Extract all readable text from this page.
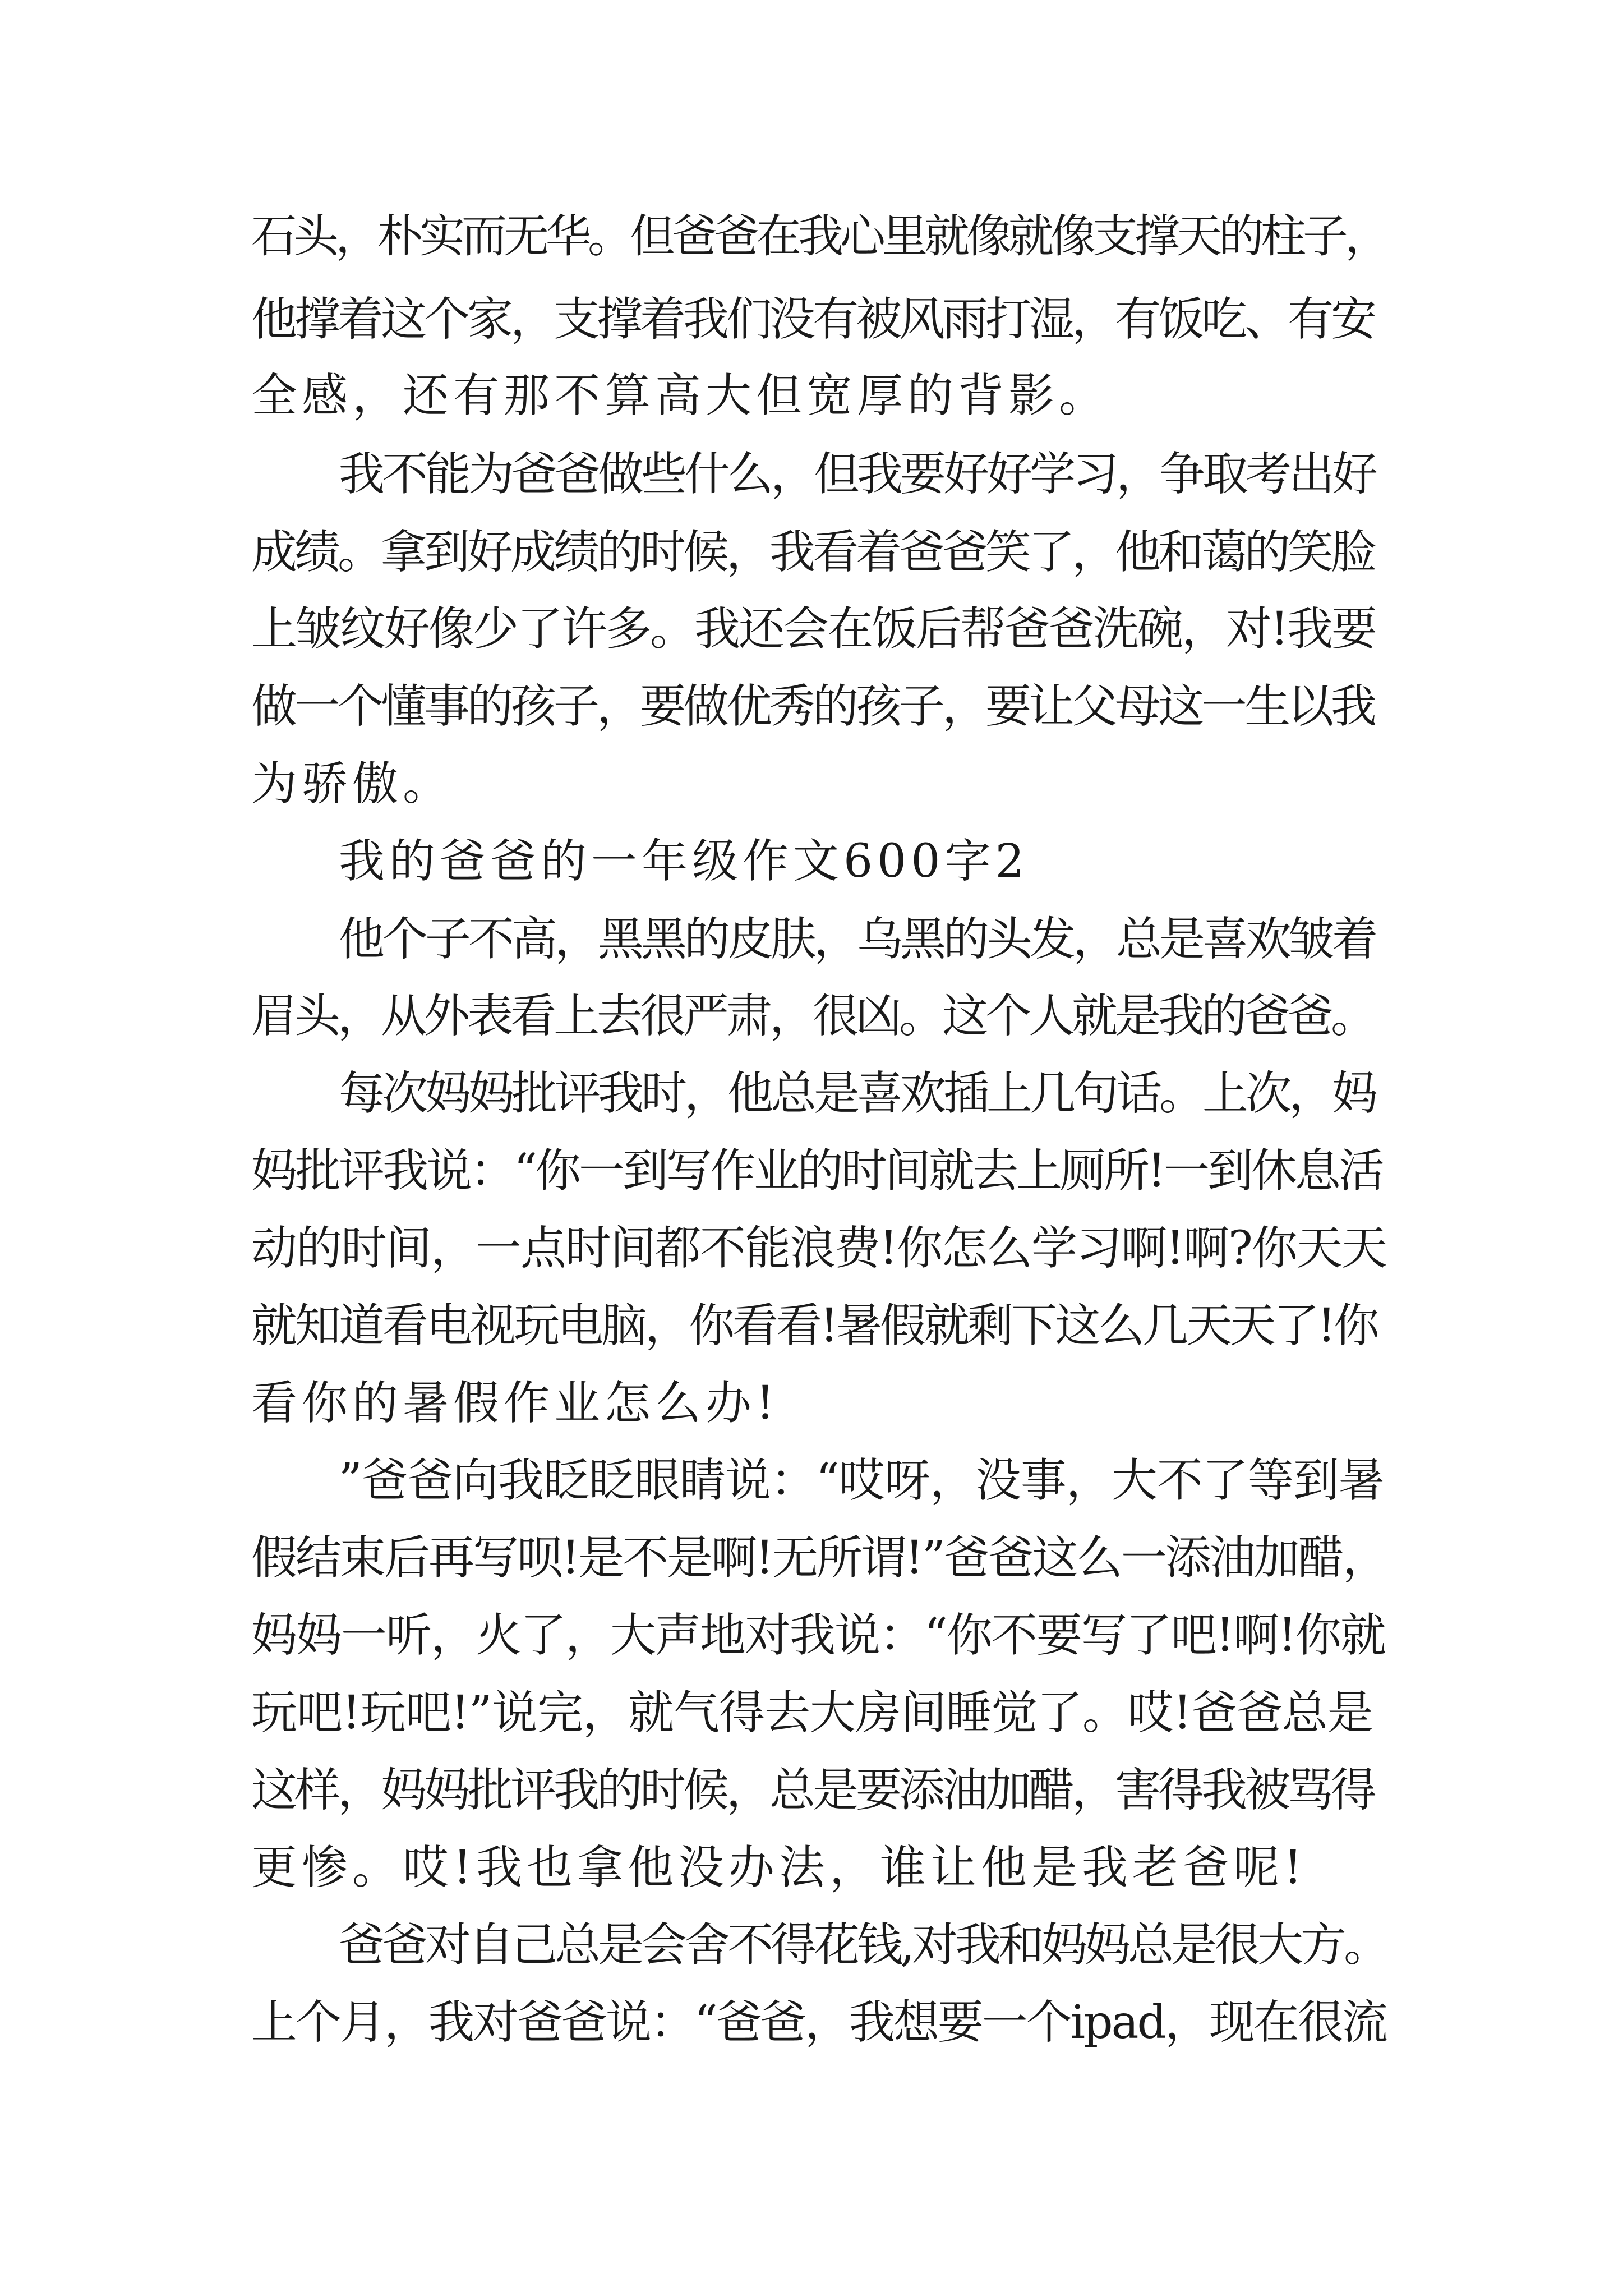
石头，朴实而无华。但爸爸在我心里就像就像支撑天的柱子，

他撑着这个家，支撑着我们没有被风雨打湿，有饭吃、有安

全感，还有那不算高大但宽厚的背影。

我不能为爸爸做些什么，但我要好好学习，争取考出好

成绩。拿到好成绩的时候，我看着爸爸笑了，他和蔼的笑脸

上皱纹好像少了许多。我还会在饭后帮爸爸洗碗，对!我要

做一个懂事的孩子，要做优秀的孩子，要让父母这一生以我

为骄傲。

我的爸爸的一年级作文600字2

他个子不高，黑黑的皮肤，乌黑的头发，总是喜欢皱着

眉头，从外表看上去很严肃，很凶。这个人就是我的爸爸。

每次妈妈批评我时，他总是喜欢插上几句话。上次，妈

妈批评我说：“你一到写作业的时间就去上厕所!一到休息活

动的时间，一点时间都不能浪费!你怎么学习啊!啊?你天天

就知道看电视玩电脑，你看看!暑假就剩下这么几天天了!你

看你的暑假作业怎么办!

”爸爸向我眨眨眼睛说：“哎呀，没事，大不了等到暑

假结束后再写呗!是不是啊!无所谓!”爸爸这么一添油加醋，

妈妈一听，火了，大声地对我说：“你不要写了吧!啊!你就

玩吧!玩吧!”说完，就气得去大房间睡觉了。哎!爸爸总是

这样，妈妈批评我的时候，总是要添油加醋，害得我被骂得

更惨。哎!我也拿他没办法，谁让他是我老爸呢!

爸爸对自己总是会舍不得花钱,对我和妈妈总是很大方。

上个月，我对爸爸说：“爸爸，我想要一个ipad，现在很流
